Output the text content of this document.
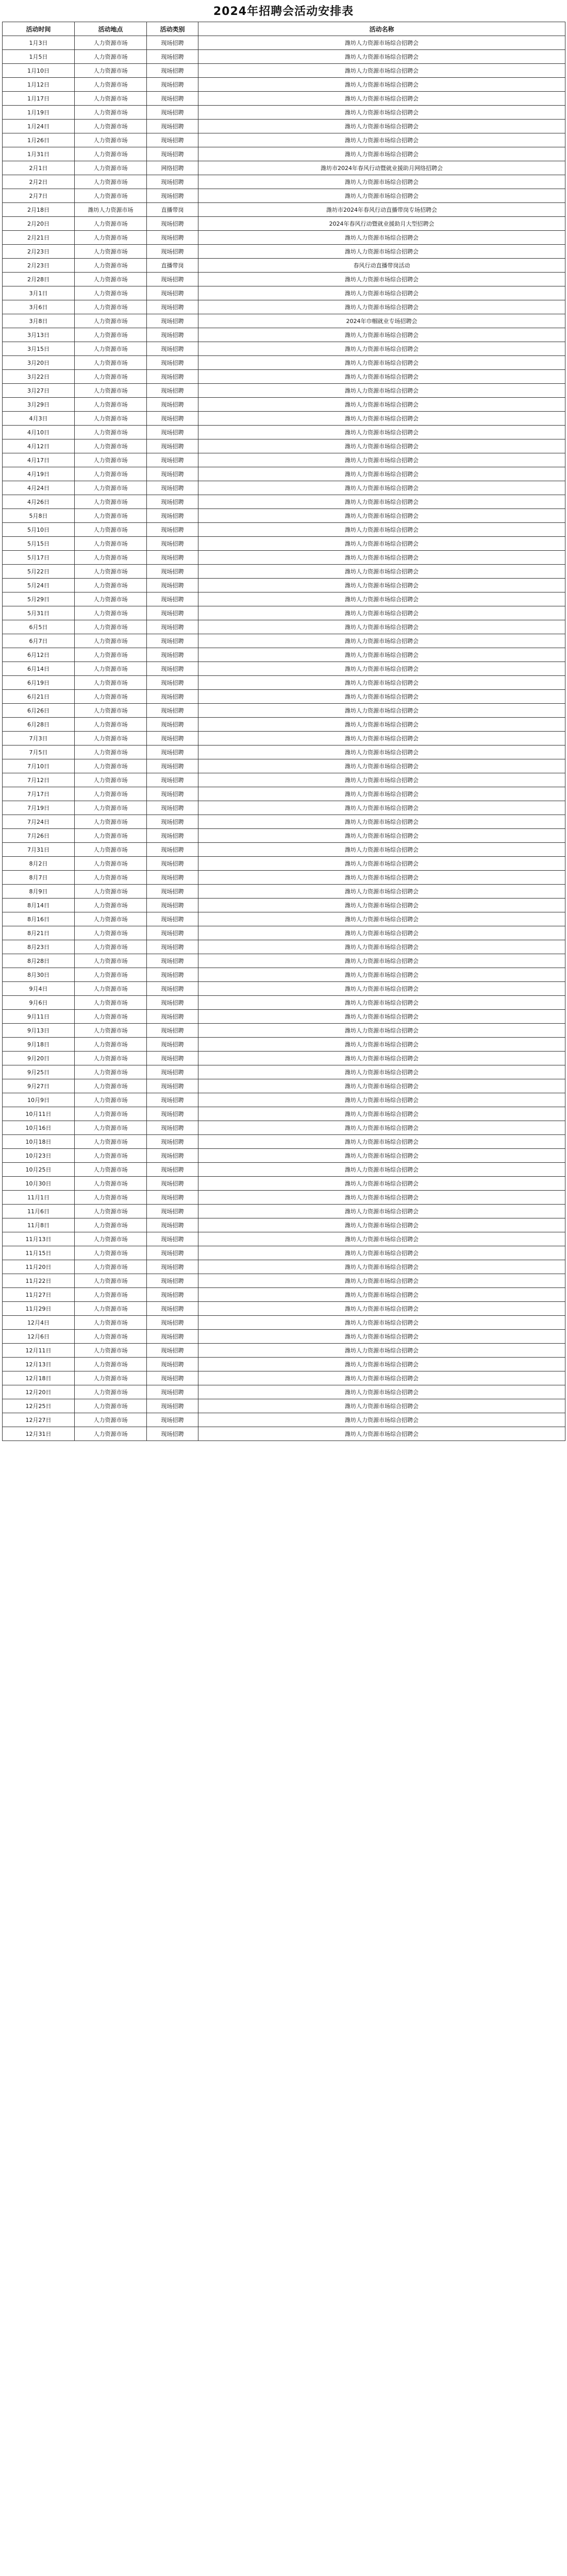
2024年招聘会活动安排表
活动时间	活动地点	活动类别	活动名称
1月3日	人力资源市场	现场招聘	潍坊人力资源市场综合招聘会
1月5日	人力资源市场	现场招聘	潍坊人力资源市场综合招聘会
1月10日	人力资源市场	现场招聘	潍坊人力资源市场综合招聘会
1月12日	人力资源市场	现场招聘	潍坊人力资源市场综合招聘会
1月17日	人力资源市场	现场招聘	潍坊人力资源市场综合招聘会
1月19日	人力资源市场	现场招聘	潍坊人力资源市场综合招聘会
1月24日	人力资源市场	现场招聘	潍坊人力资源市场综合招聘会
1月26日	人力资源市场	现场招聘	潍坊人力资源市场综合招聘会
1月31日	人力资源市场	现场招聘	潍坊人力资源市场综合招聘会
2月1日	人力资源市场	网络招聘	潍坊市2024年春风行动暨就业援助月网络招聘会
2月2日	人力资源市场	现场招聘	潍坊人力资源市场综合招聘会
2月7日	人力资源市场	现场招聘	潍坊人力资源市场综合招聘会
2月18日	潍坊人力资源市场	直播带岗	潍坊市2024年春风行动直播带岗专场招聘会
2月20日	人力资源市场	现场招聘	2024年春风行动暨就业援助月大型招聘会
2月21日	人力资源市场	现场招聘	潍坊人力资源市场综合招聘会
2月23日	人力资源市场	现场招聘	潍坊人力资源市场综合招聘会
2月23日	人力资源市场	直播带岗	春风行动直播带岗活动
2月28日	人力资源市场	现场招聘	潍坊人力资源市场综合招聘会
3月1日	人力资源市场	现场招聘	潍坊人力资源市场综合招聘会
3月6日	人力资源市场	现场招聘	潍坊人力资源市场综合招聘会
3月8日	人力资源市场	现场招聘	2024年巾帼就业专场招聘会
3月13日	人力资源市场	现场招聘	潍坊人力资源市场综合招聘会
3月15日	人力资源市场	现场招聘	潍坊人力资源市场综合招聘会
3月20日	人力资源市场	现场招聘	潍坊人力资源市场综合招聘会
3月22日	人力资源市场	现场招聘	潍坊人力资源市场综合招聘会
3月27日	人力资源市场	现场招聘	潍坊人力资源市场综合招聘会
3月29日	人力资源市场	现场招聘	潍坊人力资源市场综合招聘会
4月3日	人力资源市场	现场招聘	潍坊人力资源市场综合招聘会
4月10日	人力资源市场	现场招聘	潍坊人力资源市场综合招聘会
4月12日	人力资源市场	现场招聘	潍坊人力资源市场综合招聘会
4月17日	人力资源市场	现场招聘	潍坊人力资源市场综合招聘会
4月19日	人力资源市场	现场招聘	潍坊人力资源市场综合招聘会
4月24日	人力资源市场	现场招聘	潍坊人力资源市场综合招聘会
4月26日	人力资源市场	现场招聘	潍坊人力资源市场综合招聘会
5月8日	人力资源市场	现场招聘	潍坊人力资源市场综合招聘会
5月10日	人力资源市场	现场招聘	潍坊人力资源市场综合招聘会
5月15日	人力资源市场	现场招聘	潍坊人力资源市场综合招聘会
5月17日	人力资源市场	现场招聘	潍坊人力资源市场综合招聘会
5月22日	人力资源市场	现场招聘	潍坊人力资源市场综合招聘会
5月24日	人力资源市场	现场招聘	潍坊人力资源市场综合招聘会
5月29日	人力资源市场	现场招聘	潍坊人力资源市场综合招聘会
5月31日	人力资源市场	现场招聘	潍坊人力资源市场综合招聘会
6月5日	人力资源市场	现场招聘	潍坊人力资源市场综合招聘会
6月7日	人力资源市场	现场招聘	潍坊人力资源市场综合招聘会
6月12日	人力资源市场	现场招聘	潍坊人力资源市场综合招聘会
6月14日	人力资源市场	现场招聘	潍坊人力资源市场综合招聘会
6月19日	人力资源市场	现场招聘	潍坊人力资源市场综合招聘会
6月21日	人力资源市场	现场招聘	潍坊人力资源市场综合招聘会
6月26日	人力资源市场	现场招聘	潍坊人力资源市场综合招聘会
6月28日	人力资源市场	现场招聘	潍坊人力资源市场综合招聘会
7月3日	人力资源市场	现场招聘	潍坊人力资源市场综合招聘会
7月5日	人力资源市场	现场招聘	潍坊人力资源市场综合招聘会
7月10日	人力资源市场	现场招聘	潍坊人力资源市场综合招聘会
7月12日	人力资源市场	现场招聘	潍坊人力资源市场综合招聘会
7月17日	人力资源市场	现场招聘	潍坊人力资源市场综合招聘会
7月19日	人力资源市场	现场招聘	潍坊人力资源市场综合招聘会
7月24日	人力资源市场	现场招聘	潍坊人力资源市场综合招聘会
7月26日	人力资源市场	现场招聘	潍坊人力资源市场综合招聘会
7月31日	人力资源市场	现场招聘	潍坊人力资源市场综合招聘会
8月2日	人力资源市场	现场招聘	潍坊人力资源市场综合招聘会
8月7日	人力资源市场	现场招聘	潍坊人力资源市场综合招聘会
8月9日	人力资源市场	现场招聘	潍坊人力资源市场综合招聘会
8月14日	人力资源市场	现场招聘	潍坊人力资源市场综合招聘会
8月16日	人力资源市场	现场招聘	潍坊人力资源市场综合招聘会
8月21日	人力资源市场	现场招聘	潍坊人力资源市场综合招聘会
8月23日	人力资源市场	现场招聘	潍坊人力资源市场综合招聘会
8月28日	人力资源市场	现场招聘	潍坊人力资源市场综合招聘会
8月30日	人力资源市场	现场招聘	潍坊人力资源市场综合招聘会
9月4日	人力资源市场	现场招聘	潍坊人力资源市场综合招聘会
9月6日	人力资源市场	现场招聘	潍坊人力资源市场综合招聘会
9月11日	人力资源市场	现场招聘	潍坊人力资源市场综合招聘会
9月13日	人力资源市场	现场招聘	潍坊人力资源市场综合招聘会
9月18日	人力资源市场	现场招聘	潍坊人力资源市场综合招聘会
9月20日	人力资源市场	现场招聘	潍坊人力资源市场综合招聘会
9月25日	人力资源市场	现场招聘	潍坊人力资源市场综合招聘会
9月27日	人力资源市场	现场招聘	潍坊人力资源市场综合招聘会
10月9日	人力资源市场	现场招聘	潍坊人力资源市场综合招聘会
10月11日	人力资源市场	现场招聘	潍坊人力资源市场综合招聘会
10月16日	人力资源市场	现场招聘	潍坊人力资源市场综合招聘会
10月18日	人力资源市场	现场招聘	潍坊人力资源市场综合招聘会
10月23日	人力资源市场	现场招聘	潍坊人力资源市场综合招聘会
10月25日	人力资源市场	现场招聘	潍坊人力资源市场综合招聘会
10月30日	人力资源市场	现场招聘	潍坊人力资源市场综合招聘会
11月1日	人力资源市场	现场招聘	潍坊人力资源市场综合招聘会
11月6日	人力资源市场	现场招聘	潍坊人力资源市场综合招聘会
11月8日	人力资源市场	现场招聘	潍坊人力资源市场综合招聘会
11月13日	人力资源市场	现场招聘	潍坊人力资源市场综合招聘会
11月15日	人力资源市场	现场招聘	潍坊人力资源市场综合招聘会
11月20日	人力资源市场	现场招聘	潍坊人力资源市场综合招聘会
11月22日	人力资源市场	现场招聘	潍坊人力资源市场综合招聘会
11月27日	人力资源市场	现场招聘	潍坊人力资源市场综合招聘会
11月29日	人力资源市场	现场招聘	潍坊人力资源市场综合招聘会
12月4日	人力资源市场	现场招聘	潍坊人力资源市场综合招聘会
12月6日	人力资源市场	现场招聘	潍坊人力资源市场综合招聘会
12月11日	人力资源市场	现场招聘	潍坊人力资源市场综合招聘会
12月13日	人力资源市场	现场招聘	潍坊人力资源市场综合招聘会
12月18日	人力资源市场	现场招聘	潍坊人力资源市场综合招聘会
12月20日	人力资源市场	现场招聘	潍坊人力资源市场综合招聘会
12月25日	人力资源市场	现场招聘	潍坊人力资源市场综合招聘会
12月27日	人力资源市场	现场招聘	潍坊人力资源市场综合招聘会
12月31日	人力资源市场	现场招聘	潍坊人力资源市场综合招聘会
